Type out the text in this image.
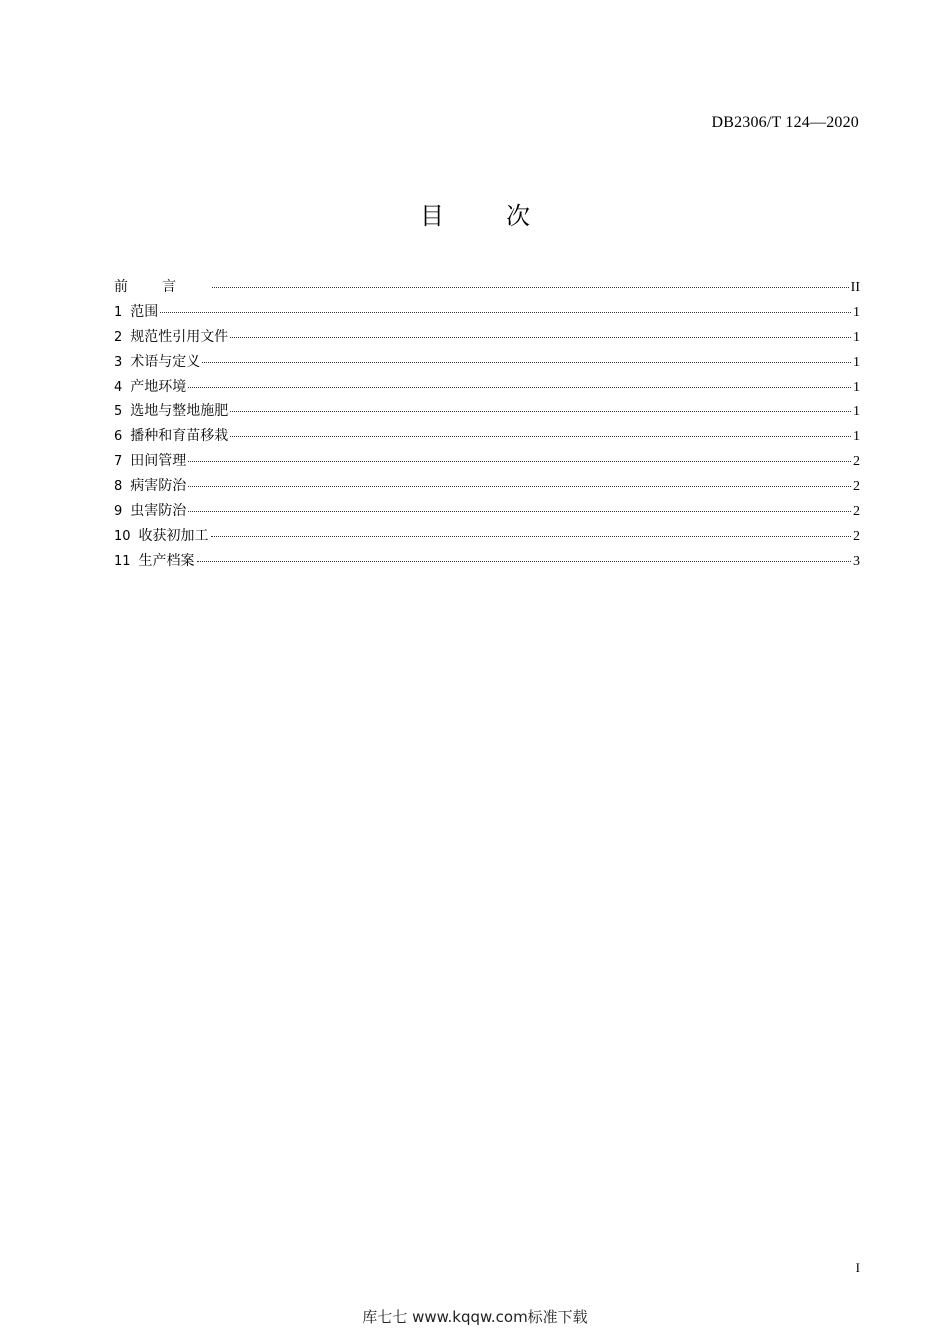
DB2306/T 124—2020
目	次
前言	II
1 范围	1
2 规范性引用文件	1
3 术语与定义	1
4 产地环境	1
5 选地与整地施肥	1
6 播种和育苗移栽	1
7 田间管理	2
8 病害防治	2
9 虫害防治	2
10 收获初加工	2
11 生产档案	3
I
库七七 www.kqqw.com标准下载
